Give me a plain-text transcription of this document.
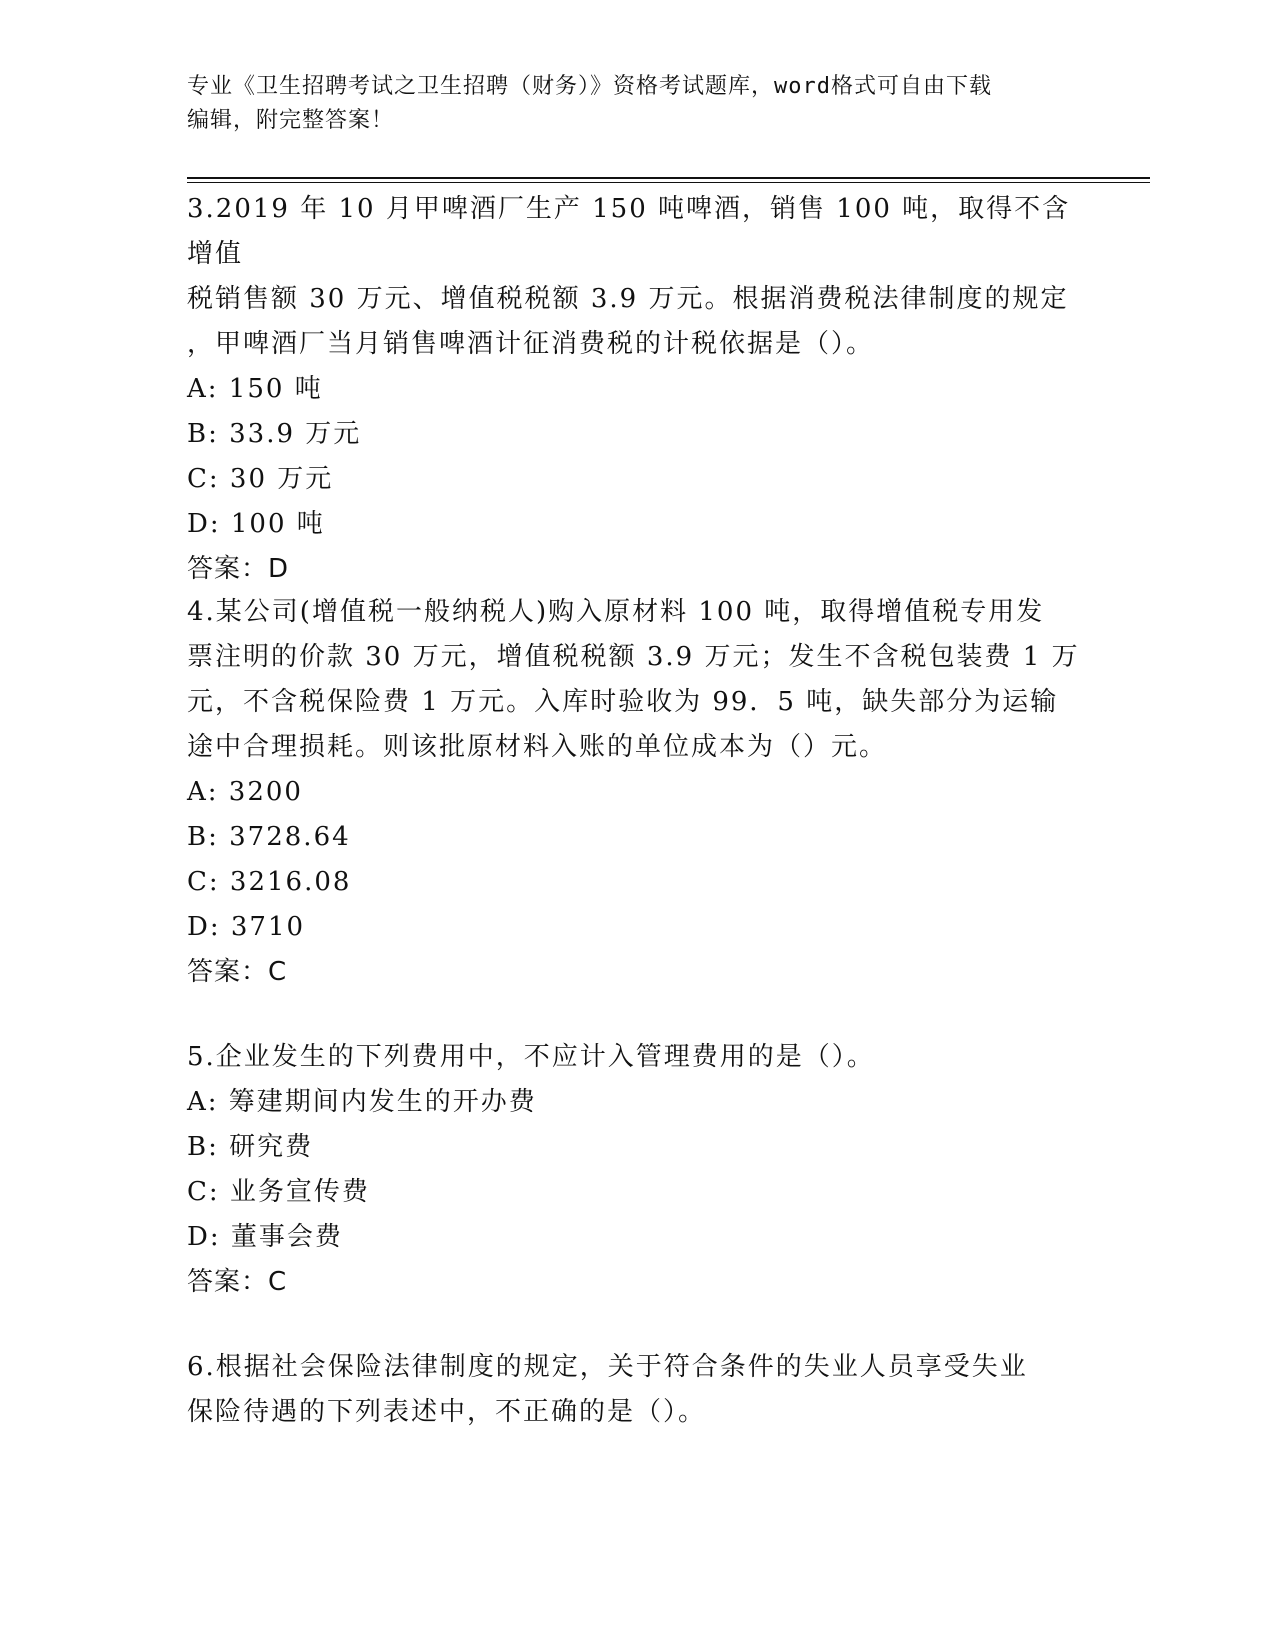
专业《卫生招聘考试之卫生招聘（财务）》资格考试题库，word格式可自由下载
编辑，附完整答案！
3.2019 年 10 月甲啤酒厂生产 150 吨啤酒，销售 100 吨，取得不含增值
税销售额 30 万元、增值税税额 3.9 万元。根据消费税法律制度的规定
，甲啤酒厂当月销售啤酒计征消费税的计税依据是（）。
A: 150 吨
B: 33.9 万元
C: 30 万元
D: 100 吨
答案：D
4.某公司(增值税一般纳税人)购入原材料 100 吨，取得增值税专用发
票注明的价款 30 万元，增值税税额 3.9 万元；发生不含税包装费 1 万
元，不含税保险费 1 万元。入库时验收为 99．5 吨，缺失部分为运输
途中合理损耗。则该批原材料入账的单位成本为（）元。
A: 3200
B: 3728.64
C: 3216.08
D: 3710
答案：C
5.企业发生的下列费用中，不应计入管理费用的是（）。
A: 筹建期间内发生的开办费
B: 研究费
C: 业务宣传费
D: 董事会费
答案：C
6.根据社会保险法律制度的规定，关于符合条件的失业人员享受失业
保险待遇的下列表述中，不正确的是（）。
